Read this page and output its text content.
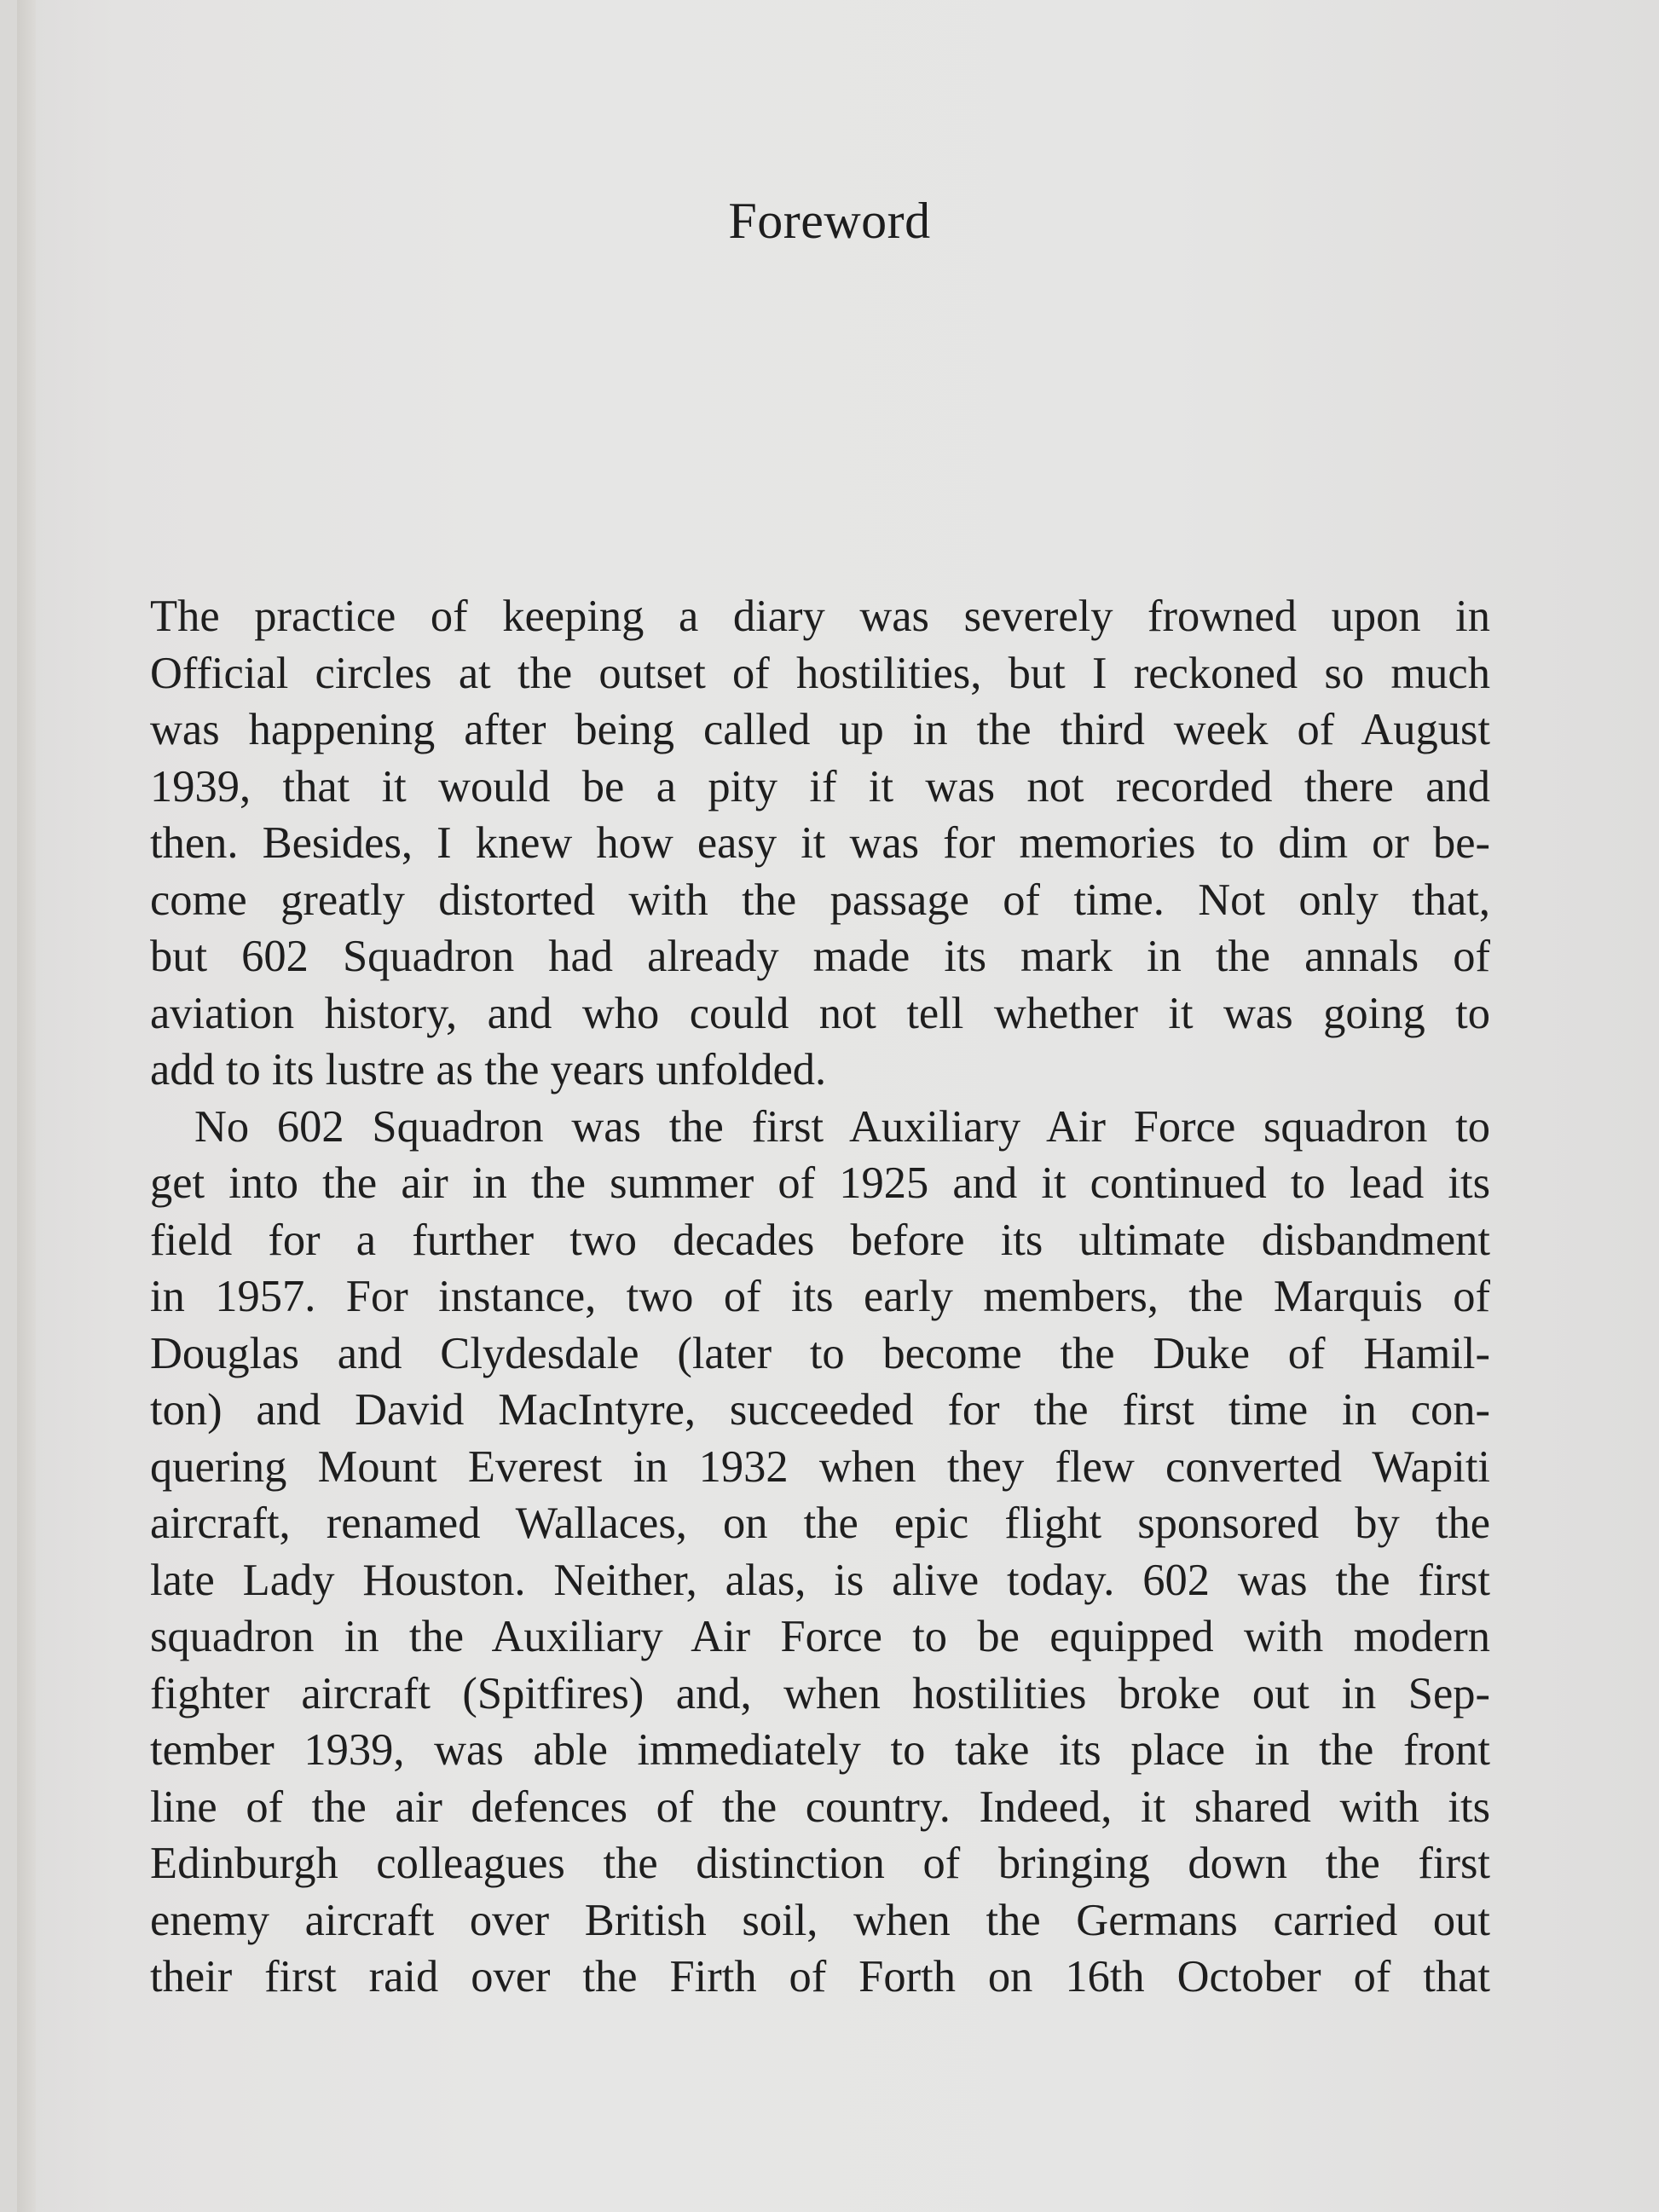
Foreword
The practice of keeping a diary was severely frowned upon in
Official circles at the outset of hostilities, but I reckoned so much
was happening after being called up in the third week of August
1939, that it would be a pity if it was not recorded there and
then. Besides, I knew how easy it was for memories to dim or be-
come greatly distorted with the passage of time. Not only that,
but 602 Squadron had already made its mark in the annals of
aviation history, and who could not tell whether it was going to
add to its lustre as the years unfolded.
No 602 Squadron was the first Auxiliary Air Force squadron to
get into the air in the summer of 1925 and it continued to lead its
field for a further two decades before its ultimate disbandment
in 1957. For instance, two of its early members, the Marquis of
Douglas and Clydesdale (later to become the Duke of Hamil-
ton) and David MacIntyre, succeeded for the first time in con-
quering Mount Everest in 1932 when they flew converted Wapiti
aircraft, renamed Wallaces, on the epic flight sponsored by the
late Lady Houston. Neither, alas, is alive today. 602 was the first
squadron in the Auxiliary Air Force to be equipped with modern
fighter aircraft (Spitfires) and, when hostilities broke out in Sep-
tember 1939, was able immediately to take its place in the front
line of the air defences of the country. Indeed, it shared with its
Edinburgh colleagues the distinction of bringing down the first
enemy aircraft over British soil, when the Germans carried out
their first raid over the Firth of Forth on 16th October of that
